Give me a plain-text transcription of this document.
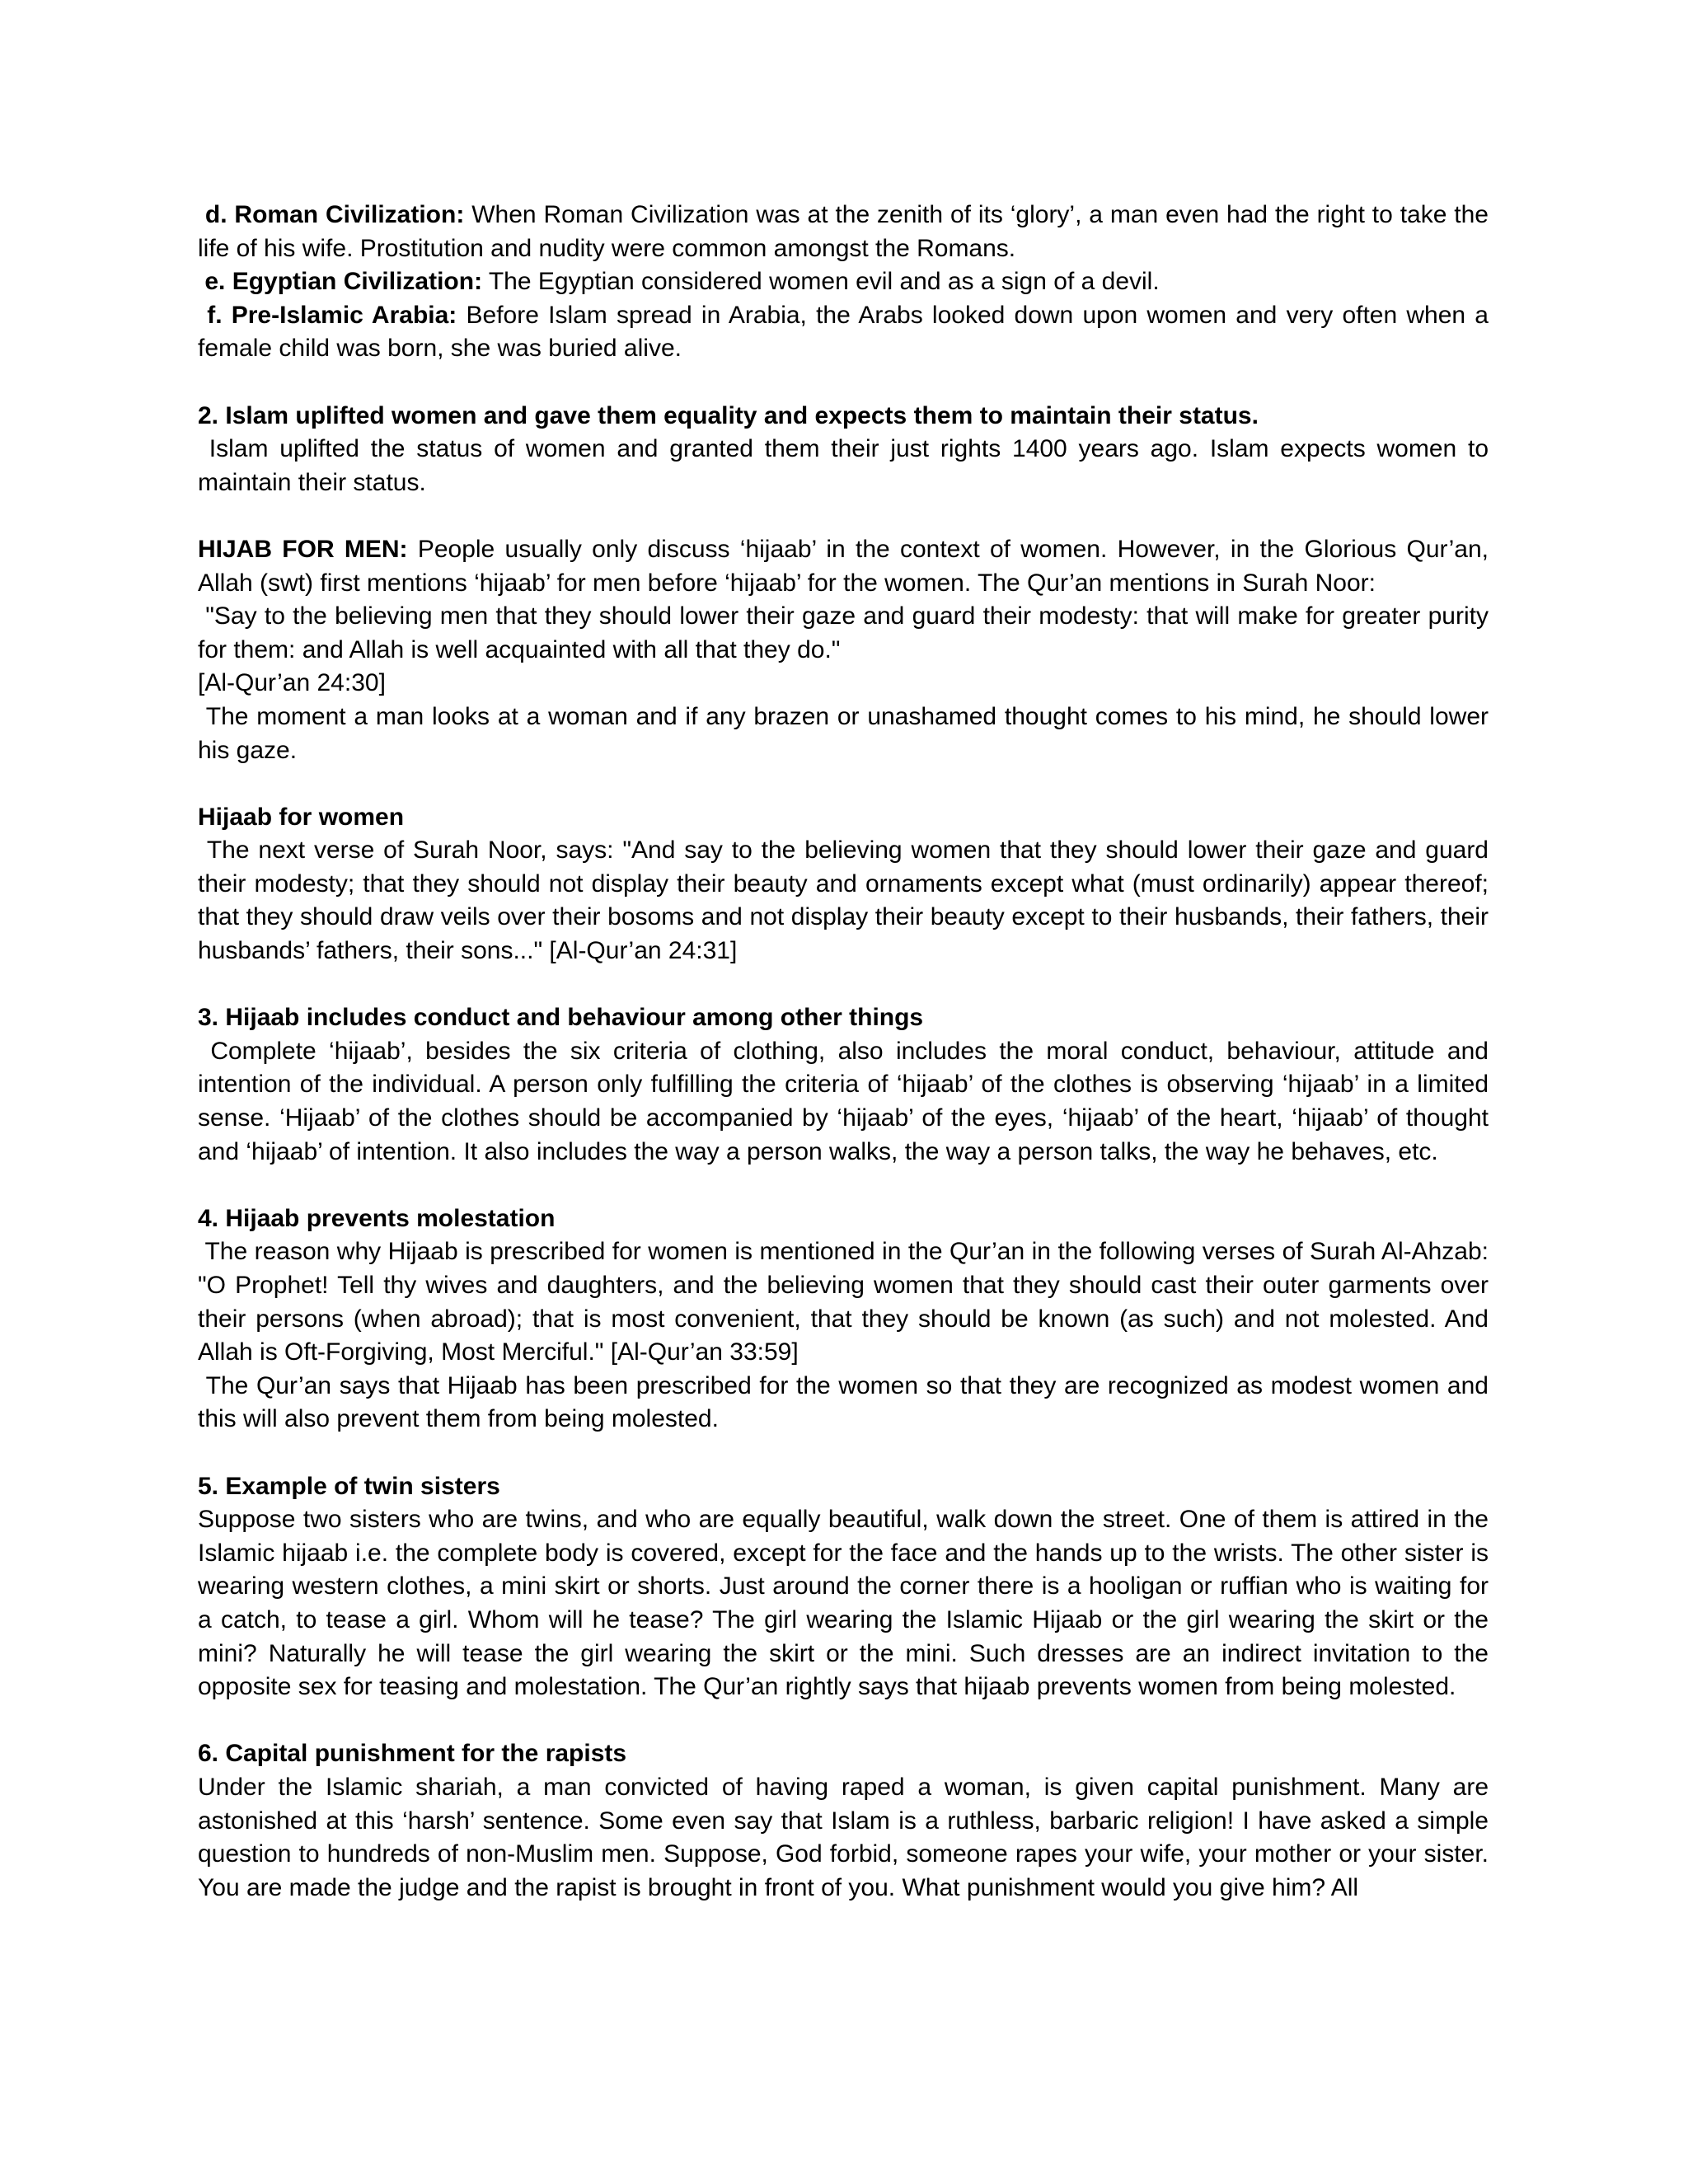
d. Roman Civilization: When Roman Civilization was at the zenith of its ‘glory’, a man even had the right to take the life of his wife. Prostitution and nudity were common amongst the Romans.

e. Egyptian Civilization: The Egyptian considered women evil and as a sign of a devil.

f. Pre-Islamic Arabia: Before Islam spread in Arabia, the Arabs looked down upon women and very often when a female child was born, she was buried alive.

2. Islam uplifted women and gave them equality and expects them to maintain their status.

Islam uplifted the status of women and granted them their just rights 1400 years ago. Islam expects women to maintain their status.

HIJAB FOR MEN: People usually only discuss ‘hijaab’ in the context of women. However, in the Glorious Qur’an, Allah (swt) first mentions ‘hijaab’ for men before ‘hijaab’ for the women. The Qur’an mentions in Surah Noor:

"Say to the believing men that they should lower their gaze and guard their modesty: that will make for greater purity for them: and Allah is well acquainted with all that they do."

[Al-Qur’an 24:30]

The moment a man looks at a woman and if any brazen or unashamed thought comes to his mind, he should lower his gaze.

Hijaab for women

The next verse of Surah Noor, says: "And say to the believing women that they should lower their gaze and guard their modesty; that they should not display their beauty and ornaments except what (must ordinarily) appear thereof; that they should draw veils over their bosoms and not display their beauty except to their husbands, their fathers, their husbands’ fathers, their sons..." [Al-Qur’an 24:31]

3. Hijaab includes conduct and behaviour among other things

Complete ‘hijaab’, besides the six criteria of clothing, also includes the moral conduct, behaviour, attitude and intention of the individual. A person only fulfilling the criteria of ‘hijaab’ of the clothes is observing ‘hijaab’ in a limited sense. ‘Hijaab’ of the clothes should be accompanied by ‘hijaab’ of the eyes, ‘hijaab’ of the heart, ‘hijaab’ of thought and ‘hijaab’ of intention. It also includes the way a person walks, the way a person talks, the way he behaves, etc.

4. Hijaab prevents molestation

The reason why Hijaab is prescribed for women is mentioned in the Qur’an in the following verses of Surah Al-Ahzab: "O Prophet! Tell thy wives and daughters, and the believing women that they should cast their outer garments over their persons (when abroad); that is most convenient, that they should be known (as such) and not molested. And Allah is Oft-Forgiving, Most Merciful." [Al-Qur’an 33:59]

The Qur’an says that Hijaab has been prescribed for the women so that they are recognized as modest women and this will also prevent them from being molested.

5. Example of twin sisters

Suppose two sisters who are twins, and who are equally beautiful, walk down the street. One of them is attired in the Islamic hijaab i.e. the complete body is covered, except for the face and the hands up to the wrists. The other sister is wearing western clothes, a mini skirt or shorts. Just around the corner there is a hooligan or ruffian who is waiting for a catch, to tease a girl. Whom will he tease? The girl wearing the Islamic Hijaab or the girl wearing the skirt or the mini? Naturally he will tease the girl wearing the skirt or the mini. Such dresses are an indirect invitation to the opposite sex for teasing and molestation. The Qur’an rightly says that hijaab prevents women from being molested.

6. Capital punishment for the rapists

Under the Islamic shariah, a man convicted of having raped a woman, is given capital punishment. Many are astonished at this ‘harsh’ sentence. Some even say that Islam is a ruthless, barbaric religion! I have asked a simple question to hundreds of non-Muslim men. Suppose, God forbid, someone rapes your wife, your mother or your sister. You are made the judge and the rapist is brought in front of you. What punishment would you give him? All
